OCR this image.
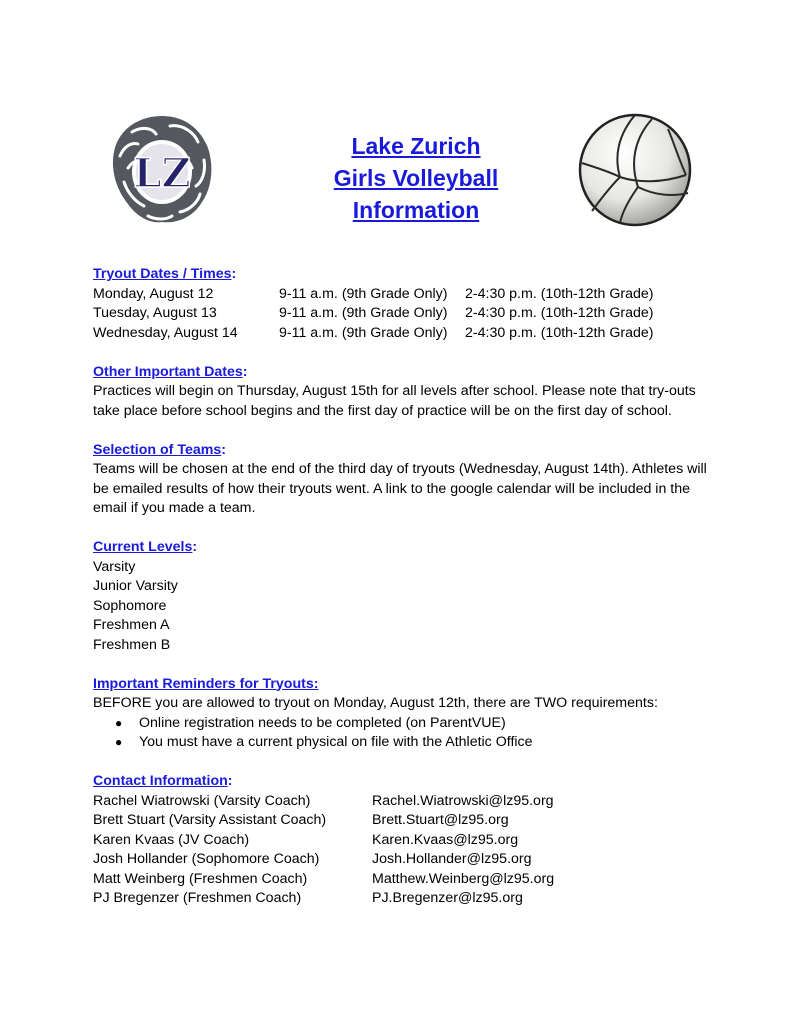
LZ
Lake Zurich
Girls Volleyball
Information
Tryout Dates / Times:
Monday, August 12	9-11 a.m. (9th Grade Only)	2-4:30 p.m. (10th-12th Grade)
Tuesday, August 13	9-11 a.m. (9th Grade Only)	2-4:30 p.m. (10th-12th Grade)
Wednesday, August 14	9-11 a.m. (9th Grade Only)	2-4:30 p.m. (10th-12th Grade)
Other Important Dates:

Practices will begin on Thursday, August 15th for all levels after school. Please note that try-outs take place before school begins and the first day of practice will be on the first day of school.

Selection of Teams:

Teams will be chosen at the end of the third day of tryouts (Wednesday, August 14th). Athletes will be emailed results of how their tryouts went. A link to the google calendar will be included in the email if you made a team.

Current Levels:
Varsity
Junior Varsity
Sophomore
Freshmen A
Freshmen B
Important Reminders for Tryouts:
BEFORE you are allowed to tryout on Monday, August 12th, there are TWO requirements:
● Online registration needs to be completed (on ParentVUE)
● You must have a current physical on file with the Athletic Office
Contact Information:
Rachel Wiatrowski (Varsity Coach)	Rachel.Wiatrowski@lz95.org
Brett Stuart (Varsity Assistant Coach)	Brett.Stuart@lz95.org
Karen Kvaas (JV Coach)	Karen.Kvaas@lz95.org
Josh Hollander (Sophomore Coach)	Josh.Hollander@lz95.org
Matt Weinberg (Freshmen Coach)	Matthew.Weinberg@lz95.org
PJ Bregenzer (Freshmen Coach)	PJ.Bregenzer@lz95.org
